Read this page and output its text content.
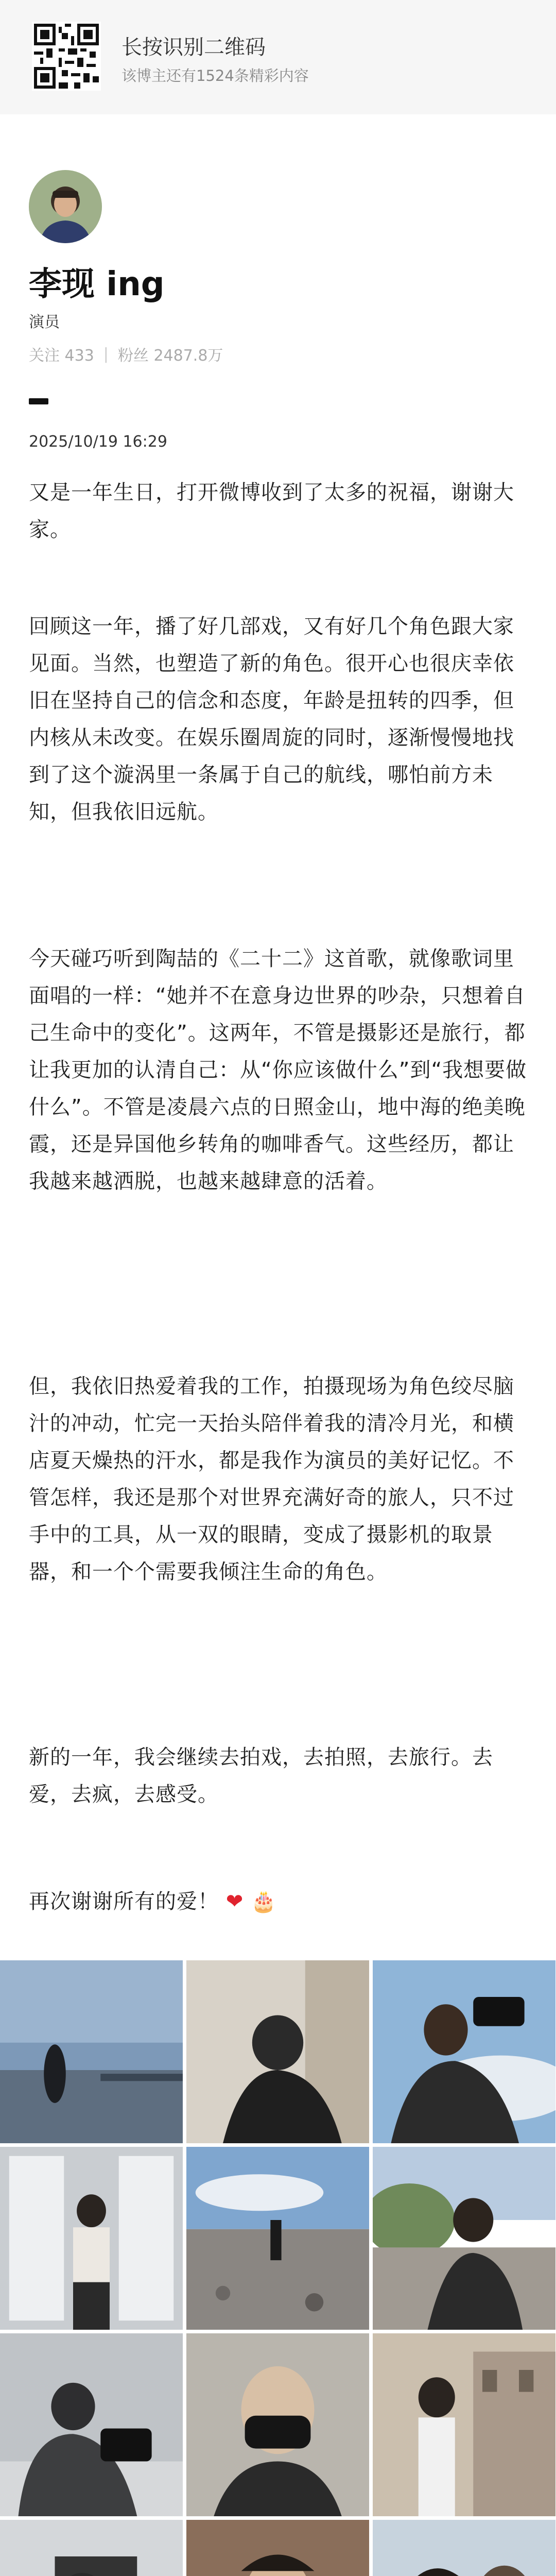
长按识别二维码
该博主还有1524条精彩内容
李现 ing
演员
关注 433 | 粉丝 2487.8万
2025/10/19 16:29
又是一年生日，打开微博收到了太多的祝福，谢谢大家。
回顾这一年，播了好几部戏，又有好几个角色跟大家见面。当然，也塑造了新的角色。很开心也很庆幸依旧在坚持自己的信念和态度，年龄是扭转的四季，但内核从未改变。在娱乐圈周旋的同时，逐渐慢慢地找到了这个漩涡里一条属于自己的航线，哪怕前方未知，但我依旧远航。
今天碰巧听到陶喆的《二十二》这首歌，就像歌词里面唱的一样：“她并不在意身边世界的吵杂，只想着自己生命中的变化”。这两年，不管是摄影还是旅行，都让我更加的认清自己：从“你应该做什么”到“我想要做什么”。不管是凌晨六点的日照金山，地中海的绝美晚霞，还是异国他乡转角的咖啡香气。这些经历，都让我越来越洒脱，也越来越肆意的活着。
但，我依旧热爱着我的工作，拍摄现场为角色绞尽脑汁的冲动，忙完一天抬头陪伴着我的清冷月光，和横店夏天燥热的汗水，都是我作为演员的美好记忆。不管怎样，我还是那个对世界充满好奇的旅人，只不过手中的工具，从一双的眼睛，变成了摄影机的取景器，和一个个需要我倾注生命的角色。
新的一年，我会继续去拍戏，去拍照，去旅行。去爱，去疯，去感受。
再次谢谢所有的爱！ ❤ 🎂
